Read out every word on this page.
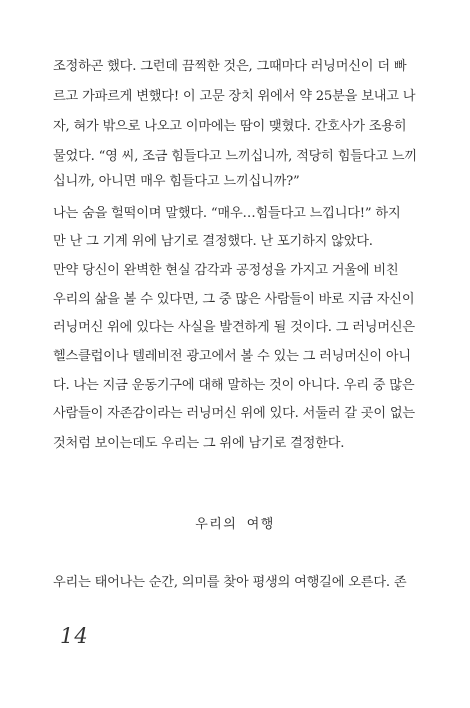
조정하곤 했다. 그런데 끔찍한 것은, 그때마다 러닝머신이 더 빠
르고 가파르게 변했다! 이 고문 장치 위에서 약 25분을 보내고 나
자, 혀가 밖으로 나오고 이마에는 땀이 맺혔다. 간호사가 조용히
물었다. “영 씨, 조금 힘들다고 느끼십니까, 적당히 힘들다고 느끼
십니까, 아니면 매우 힘들다고 느끼십니까?”
나는 숨을 헐떡이며 말했다. “매우…힘들다고 느낍니다!” 하지
만 난 그 기계 위에 남기로 결정했다. 난 포기하지 않았다.
만약 당신이 완벽한 현실 감각과 공정성을 가지고 거울에 비친
우리의 삶을 볼 수 있다면, 그 중 많은 사람들이 바로 지금 자신이
러닝머신 위에 있다는 사실을 발견하게 될 것이다. 그 러닝머신은
헬스클럽이나 텔레비전 광고에서 볼 수 있는 그 러닝머신이 아니
다. 나는 지금 운동기구에 대해 말하는 것이 아니다. 우리 중 많은
사람들이 자존감이라는 러닝머신 위에 있다. 서둘러 갈 곳이 없는
것처럼 보이는데도 우리는 그 위에 남기로 결정한다.
우리의 여행
우리는 태어나는 순간, 의미를 찾아 평생의 여행길에 오른다. 존
14
